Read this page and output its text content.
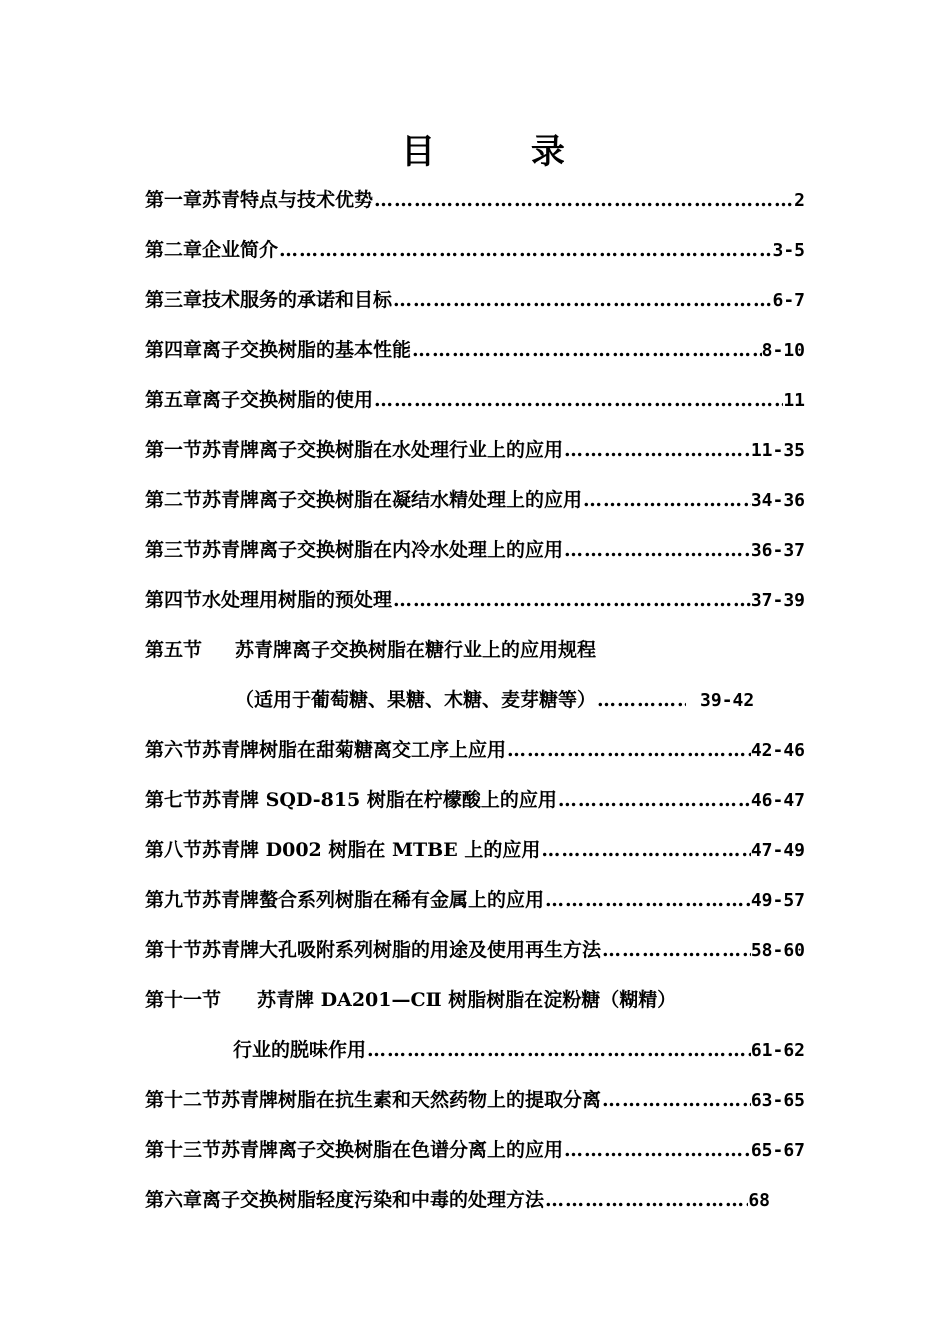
目 录
第一章 苏青特点与技术优势 …………………………………………………………………………………………………………………………………………………………	2
第二章 企业简介 …………………………………………………………………………………………………………………………………………………………	3-5
第三章 技术服务的承诺和目标 …………………………………………………………………………………………………………………………………………………………	6-7
第四章 离子交换树脂的基本性能 …………………………………………………………………………………………………………………………………………………………	8-10
第五章 离子交换树脂的使用 …………………………………………………………………………………………………………………………………………………………	11
第一节 苏青牌离子交换树脂在水处理行业上的应用 …………………………………………………………………………………………………………………………………………………………	11-35
第二节 苏青牌离子交换树脂在凝结水精处理上的应用 …………………………………………………………………………………………………………………………………………………………	34-36
第三节 苏青牌离子交换树脂在内冷水处理上的应用 …………………………………………………………………………………………………………………………………………………………	36-37
第四节 水处理用树脂的预处理 …………………………………………………………………………………………………………………………………………………………	37-39
第五节	苏青牌离子交换树脂在糖行业上的应用规程
（适用于葡萄糖、果糖、木糖、麦芽糖等） …………………………………………………………………………………………………………………………………………………………	39-42
第六节 苏青牌树脂在甜菊糖离交工序上应用 …………………………………………………………………………………………………………………………………………………………	42-46
第七节 苏青牌 SQD-815 树脂在柠檬酸上的应用 …………………………………………………………………………………………………………………………………………………………	46-47
第八节 苏青牌 D002 树脂在 MTBE 上的应用 …………………………………………………………………………………………………………………………………………………………	47-49
第九节 苏青牌螯合系列树脂在稀有金属上的应用 …………………………………………………………………………………………………………………………………………………………	49-57
第十节 苏青牌大孔吸附系列树脂的用途及使用再生方法 …………………………………………………………………………………………………………………………………………………………	58-60
第十一节	苏青牌 DA201—CⅡ 树脂树脂在淀粉糖（糊精）
行业的脱味作用 …………………………………………………………………………………………………………………………………………………………	61-62
第十二节 苏青牌树脂在抗生素和天然药物上的提取分离 …………………………………………………………………………………………………………………………………………………………	63-65
第十三节 苏青牌离子交换树脂在色谱分离上的应用 …………………………………………………………………………………………………………………………………………………………	65-67
第六章 离子交换树脂轻度污染和中毒的处理方法 …………………………………………………………………………………………………………………………………………………………	68
